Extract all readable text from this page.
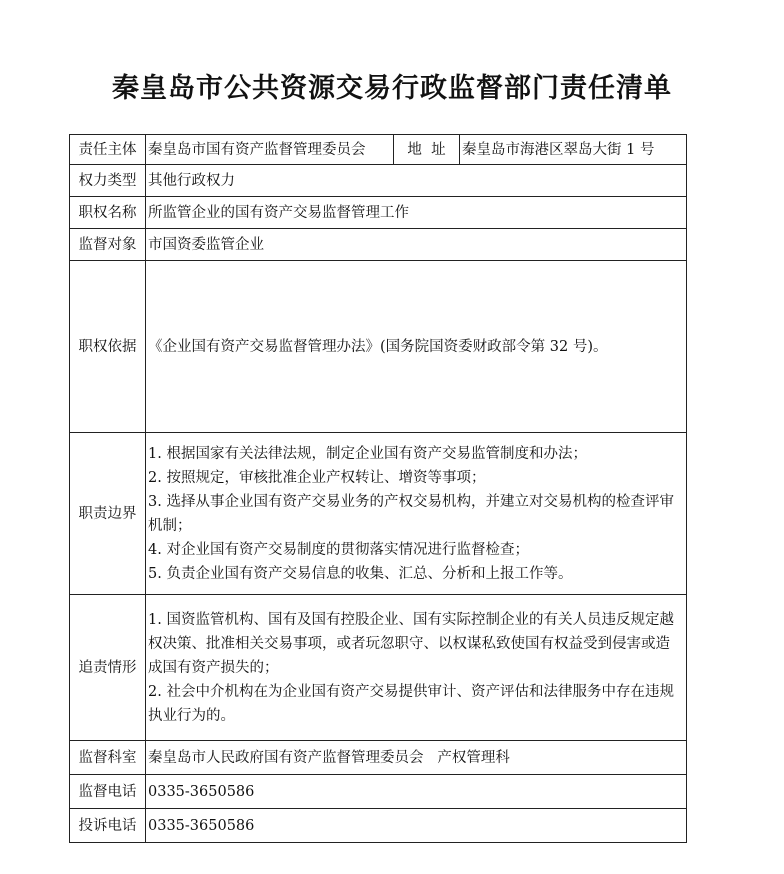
秦皇岛市公共资源交易行政监督部门责任清单
责任主体	秦皇岛市国有资产监督管理委员会	地  址	秦皇岛市海港区翠岛大街 1 号
权力类型	其他行政权力		
职权名称	所监管企业的国有资产交易监督管理工作		
监督对象	市国资委监管企业		
职权依据	《企业国有资产交易监督管理办法》(国务院国资委财政部令第 32 号)。		
职责边界	1. 根据国家有关法律法规，制定企业国有资产交易监管制度和办法；
2. 按照规定，审核批准企业产权转让、增资等事项；
3. 选择从事企业国有资产交易业务的产权交易机构，并建立对交易机构的检查评审机制；
4. 对企业国有资产交易制度的贯彻落实情况进行监督检查；
5. 负责企业国有资产交易信息的收集、汇总、分析和上报工作等。		

追责情形	1. 国资监管机构、国有及国有控股企业、国有实际控制企业的有关人员违反规定越权决策、批准相关交易事项，或者玩忽职守、以权谋私致使国有权益受到侵害或造成国有资产损失的；
2. 社会中介机构在为企业国有资产交易提供审计、资产评估和法律服务中存在违规执业行为的。		

监督科室	秦皇岛市人民政府国有资产监督管理委员会   产权管理科		
监督电话	0335-3650586		
投诉电话	0335-3650586		
